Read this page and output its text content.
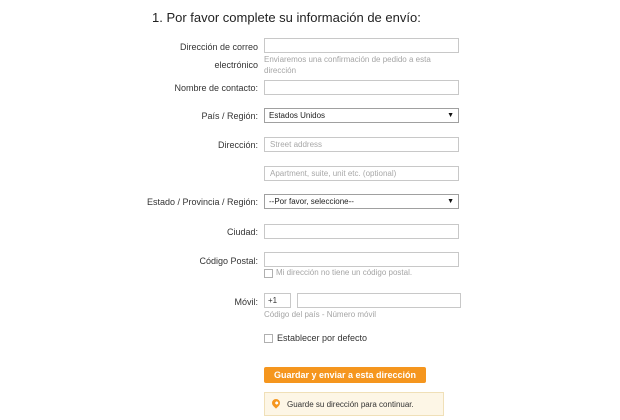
1. Por favor complete su información de envío:
Dirección de correo
electrónico
Enviaremos una confirmación de pedido a esta
dirección
Nombre de contacto:
País / Región:	Estados Unidos	▼
Dirección:
Street address
Apartment, suite, unit etc. (optional)
Estado / Provincia / Región:	--Por favor, seleccione--	▼
Ciudad:
Código Postal:
Mi dirección no tiene un código postal.
Móvil:
+1
Código del país - Número móvil
Establecer por defecto
Guardar y enviar a esta dirección
Guarde su dirección para continuar.
